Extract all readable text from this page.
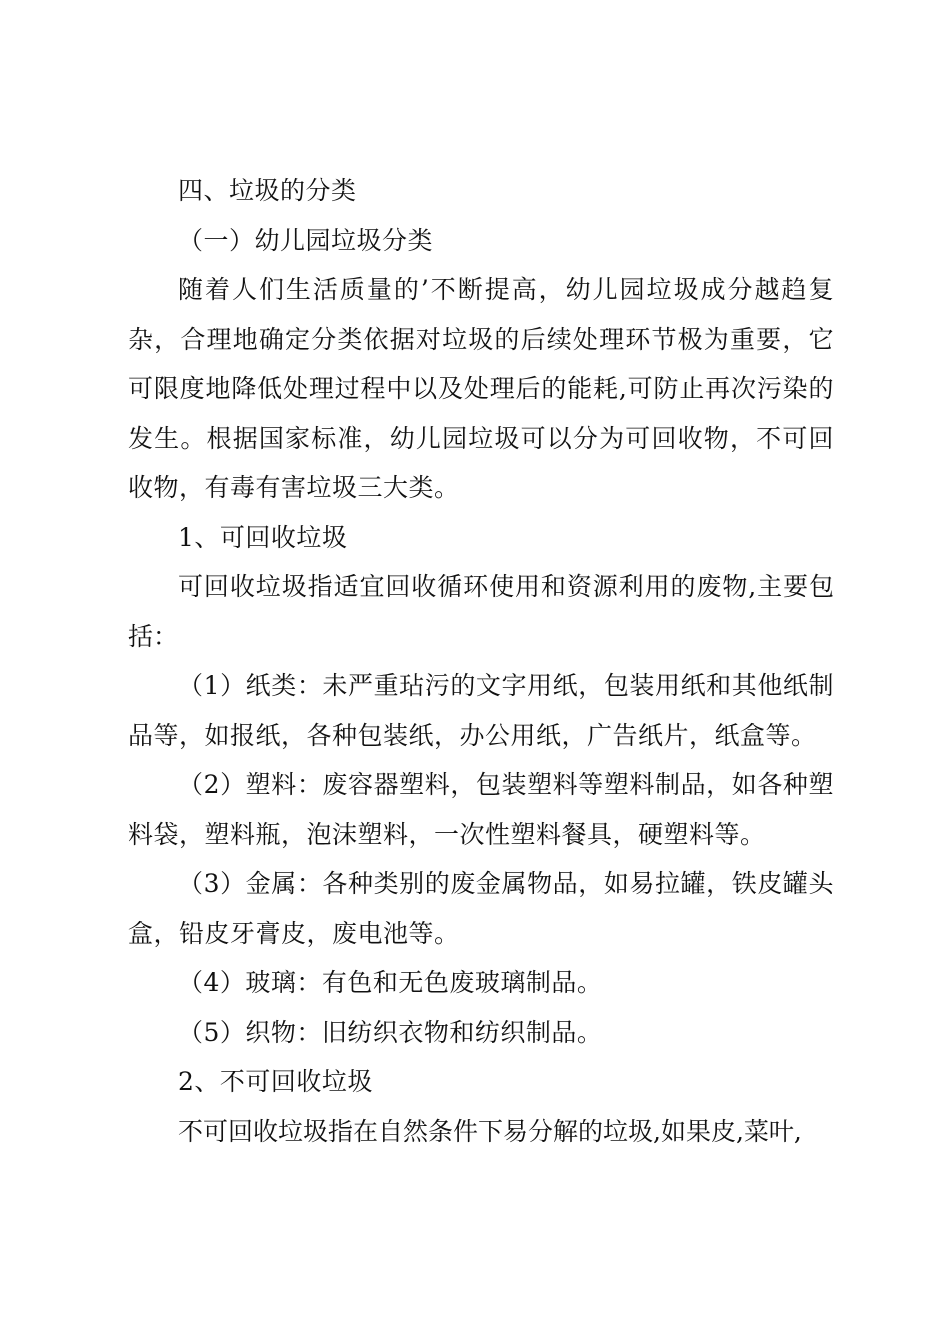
四、垃圾的分类

（一）幼儿园垃圾分类

随着人们生活质量的’不断提高，幼儿园垃圾成分越趋复杂，合理地确定分类依据对垃圾的后续处理环节极为重要，它可限度地降低处理过程中以及处理后的能耗,可防止再次污染的发生。根据国家标准，幼儿园垃圾可以分为可回收物，不可回收物，有毒有害垃圾三大类。

1、可回收垃圾

可回收垃圾指适宜回收循环使用和资源利用的废物,主要包括：

（1）纸类：未严重玷污的文字用纸，包装用纸和其他纸制品等，如报纸，各种包装纸，办公用纸，广告纸片，纸盒等。

（2）塑料：废容器塑料，包装塑料等塑料制品，如各种塑料袋，塑料瓶，泡沫塑料，一次性塑料餐具，硬塑料等。

（3）金属：各种类别的废金属物品，如易拉罐，铁皮罐头盒，铅皮牙膏皮，废电池等。

（4）玻璃：有色和无色废玻璃制品。

（5）织物：旧纺织衣物和纺织制品。

2、不可回收垃圾

不可回收垃圾指在自然条件下易分解的垃圾,如果皮,菜叶,
